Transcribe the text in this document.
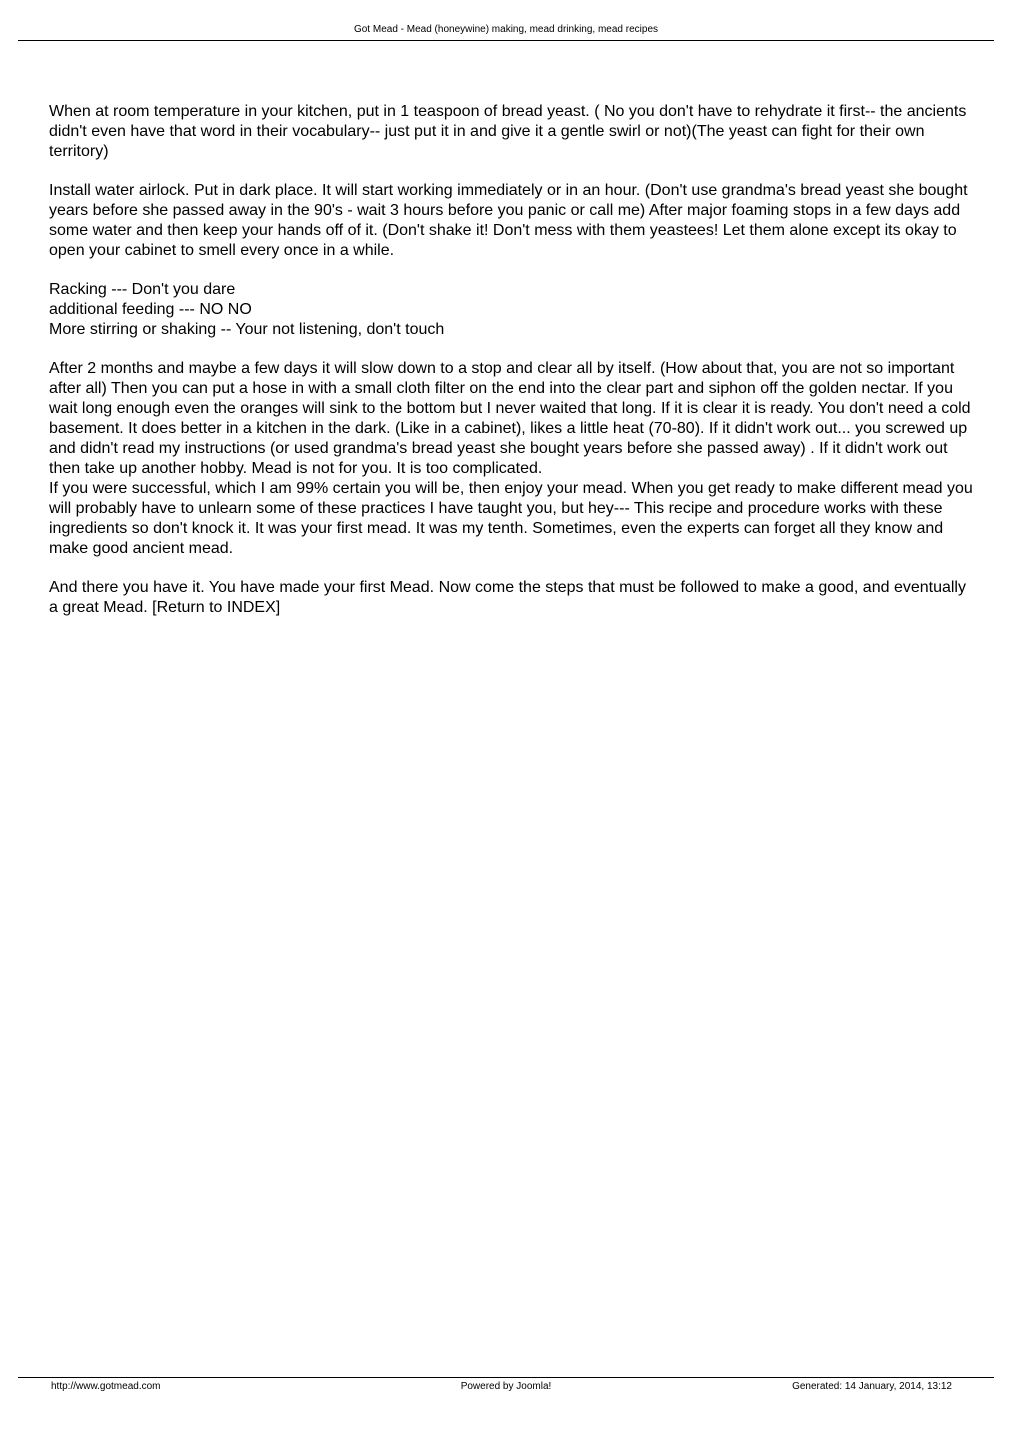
Got Mead - Mead (honeywine) making, mead drinking, mead recipes

When at room temperature in your kitchen, put in 1 teaspoon of bread yeast. ( No you don't have to rehydrate it first-- the ancients didn't even have that word in their vocabulary-- just put it in and give it a gentle swirl or not)(The yeast can fight for their own territory)

Install water airlock. Put in dark place. It will start working immediately or in an hour. (Don't use grandma's bread yeast she bought years before she passed away in the 90's - wait 3 hours before you panic or call me) After major foaming stops in a few days add some water and then keep your hands off of it. (Don't shake it! Don't mess with them yeastees! Let them alone except its okay to open your cabinet to smell every once in a while.

Racking --- Don't you dare
additional feeding --- NO NO
More stirring or shaking -- Your not listening, don't touch

After 2 months and maybe a few days it will slow down to a stop and clear all by itself. (How about that, you are not so important after all) Then you can put a hose in with a small cloth filter on the end into the clear part and siphon off the golden nectar. If you wait long enough even the oranges will sink to the bottom but I never waited that long. If it is clear it is ready. You don't need a cold basement. It does better in a kitchen in the dark. (Like in a cabinet), likes a little heat (70-80). If it didn't work out... you screwed up and didn't read my instructions (or used grandma's bread yeast she bought years before she passed away) . If it didn't work out then take up another hobby. Mead is not for you. It is too complicated.

If you were successful, which I am 99% certain you will be, then enjoy your mead. When you get ready to make different mead you will probably have to unlearn some of these practices I have taught you, but hey--- This recipe and procedure works with these ingredients so don't knock it. It was your first mead. It was my tenth. Sometimes, even the experts can forget all they know and make good ancient mead.

And there you have it. You have made your first Mead. Now come the steps that must be followed to make a good, and eventually a great Mead. [Return to INDEX]

http://www.gotmead.com	Powered by Joomla!	Generated: 14 January, 2014, 13:12
